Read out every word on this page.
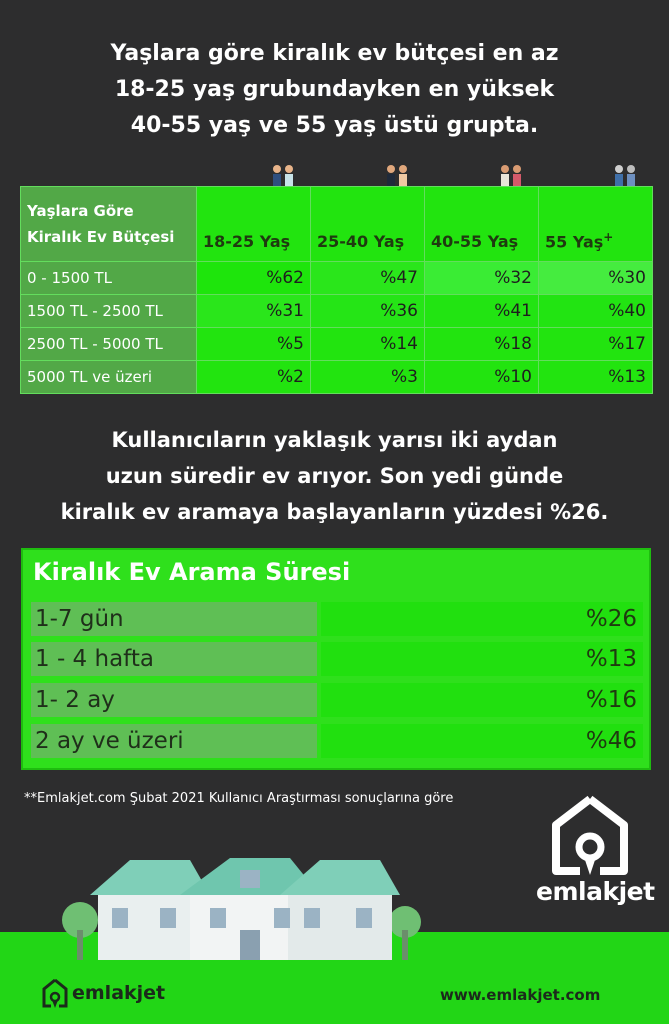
Yaşlara göre kiralık ev bütçesi en az
18-25 yaş grubundayken en yüksek
40-55 yaş ve 55 yaş üstü grupta.
Yaşlara Göre
Kiralık Ev Bütçesi	18-25 Yaş	25-40 Yaş	40-55 Yaş	55 Yaş+
0 - 1500 TL	%62	%47	%32	%30
1500 TL - 2500 TL	%31	%36	%41	%40
2500 TL - 5000 TL	%5	%14	%18	%17
5000 TL ve üzeri	%2	%3	%10	%13
Kullanıcıların yaklaşık yarısı iki aydan
uzun süredir ev arıyor. Son yedi günde
kiralık ev aramaya başlayanların yüzdesi %26.
Kiralık Ev Arama Süresi
1-7 gün	%26
1 - 4 hafta	%13
1- 2 ay	%16
2 ay ve üzeri	%46
**Emlakjet.com Şubat 2021 Kullanıcı Araştırması sonuçlarına göre
emlakjet
emlakjet	www.emlakjet.com
